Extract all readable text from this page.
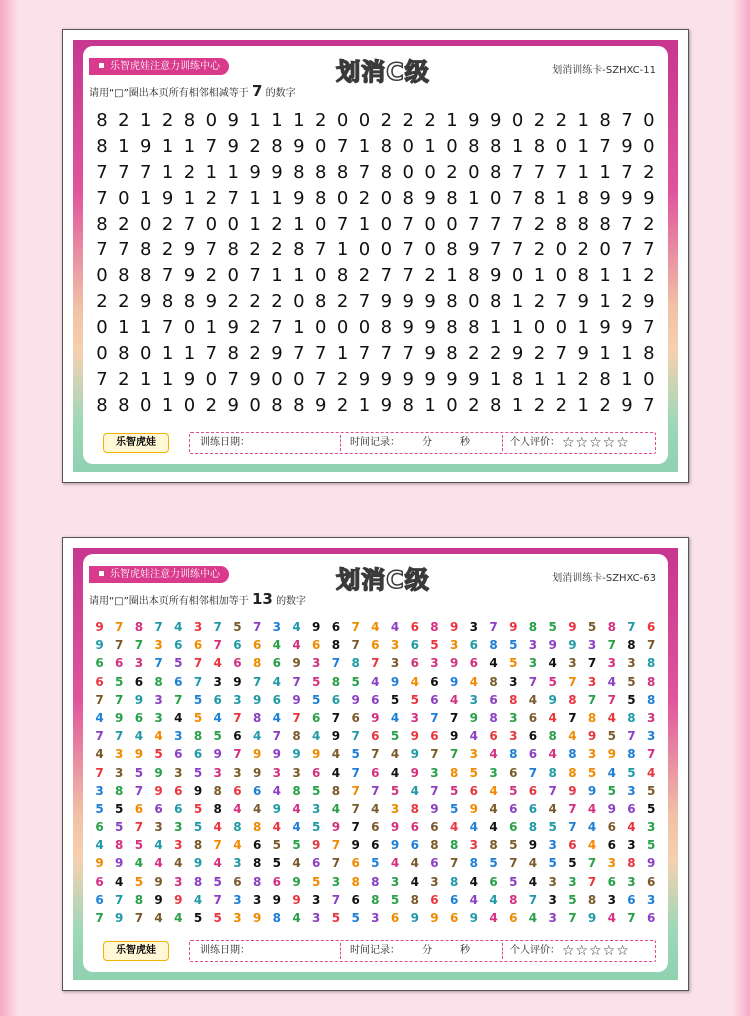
乐智虎娃注意力训练中心	划消C级	划消训练卡-SZHXC-11
请用“□”圈出本页所有相邻相减等于 7 的数字
8 2 1 2 8 0 9 1 1 1 2 0 0 2 2 2 1 9 9 0 2 2 1 8 7 0
8 1 9 1 1 7 9 2 8 9 0 7 1 8 0 1 0 8 8 1 8 0 1 7 9 0
7 7 7 1 2 1 1 9 9 8 8 8 7 8 0 0 2 0 8 7 7 7 1 1 7 2
7 0 1 9 1 2 7 1 1 9 8 0 2 0 8 9 8 1 0 7 8 1 8 9 9 9
8 2 0 2 7 0 0 1 2 1 0 7 1 0 7 0 0 7 7 7 2 8 8 8 7 2
7 7 8 2 9 7 8 2 2 8 7 1 0 0 7 0 8 9 7 7 2 0 2 0 7 7
0 8 8 7 9 2 0 7 1 1 0 8 2 7 7 2 1 8 9 0 1 0 8 1 1 2
2 2 9 8 8 9 2 2 2 0 8 2 7 9 9 9 8 0 8 1 2 7 9 1 2 9
0 1 1 7 0 1 9 2 7 1 0 0 0 8 9 9 8 8 1 1 0 0 1 9 9 7
0 8 0 1 1 7 8 2 9 7 7 1 7 7 7 9 8 2 2 9 2 7 9 1 1 8
7 2 1 1 9 0 7 9 0 0 7 2 9 9 9 9 9 9 1 8 1 1 2 8 1 0
8 8 0 1 0 2 9 0 8 8 9 2 1 9 8 1 0 2 8 1 2 2 1 2 9 7
乐智虎娃	训练日期：	时间记录： 分	秒	个人评价： ☆☆☆☆☆
乐智虎娃注意力训练中心	划消C级	划消训练卡-SZHXC-63
请用“□”圈出本页所有相邻相加等于 13 的数字
9 7 8 7 4 3 7 5 7 3 4 9 6 7 4 4 6 8 9 3 7 9 8 5 9 5 8 7 6
9 7 7 3 6 6 7 6 6 4 4 6 8 7 6 3 6 5 3 6 8 5 3 9 9 3 7 8 7
6 6 3 7 5 7 4 6 8 6 9 3 7 8 7 3 6 3 9 6 4 5 3 4 3 7 3 3 8
6 5 6 8 6 7 3 9 7 4 7 5 8 5 4 9 4 6 9 4 8 3 7 5 7 3 4 5 8
7 7 9 3 7 5 6 3 9 6 9 5 6 9 6 5 5 6 4 3 6 8 4 9 8 7 7 5 8
4 9 6 3 4 5 4 7 8 4 7 6 7 6 9 4 3 7 7 9 8 3 6 4 7 8 4 8 3
7 7 4 4 3 8 5 6 4 7 8 4 9 7 6 5 9 6 9 4 6 3 6 8 4 9 5 7 3
4 3 9 5 6 6 9 7 9 9 9 9 4 5 7 4 9 7 7 3 4 8 6 4 8 3 9 8 7
7 3 5 9 3 5 3 3 9 3 3 6 4 7 6 4 9 3 8 5 3 6 7 8 8 5 4 5 4
3 8 7 9 6 9 8 6 6 4 8 5 8 7 7 5 4 7 5 6 4 5 6 7 9 9 5 3 5
5 5 6 6 6 5 8 4 4 9 4 3 4 7 4 3 8 9 5 9 4 6 6 4 7 4 9 6 5
6 5 7 3 3 5 4 8 8 4 4 5 9 7 6 9 6 6 4 4 4 6 8 5 7 4 6 4 3
4 8 5 4 3 8 7 4 6 5 5 9 7 9 6 9 6 8 8 3 8 5 9 3 6 4 6 3 5
9 9 4 4 4 9 4 3 8 5 4 6 7 6 5 4 4 6 7 8 5 7 4 5 5 7 3 8 9
6 4 5 9 3 8 5 6 8 6 9 5 3 8 8 3 4 3 8 4 6 5 4 3 3 7 6 3 6
6 7 8 9 9 4 7 3 3 9 9 3 7 6 8 5 8 6 6 4 4 8 7 3 5 8 3 6 3
7 9 7 4 4 5 5 3 9 8 4 3 5 5 3 6 9 9 6 9 4 6 4 3 7 9 4 7 6
乐智虎娃	训练日期：	时间记录： 分	秒	个人评价： ☆☆☆☆☆
